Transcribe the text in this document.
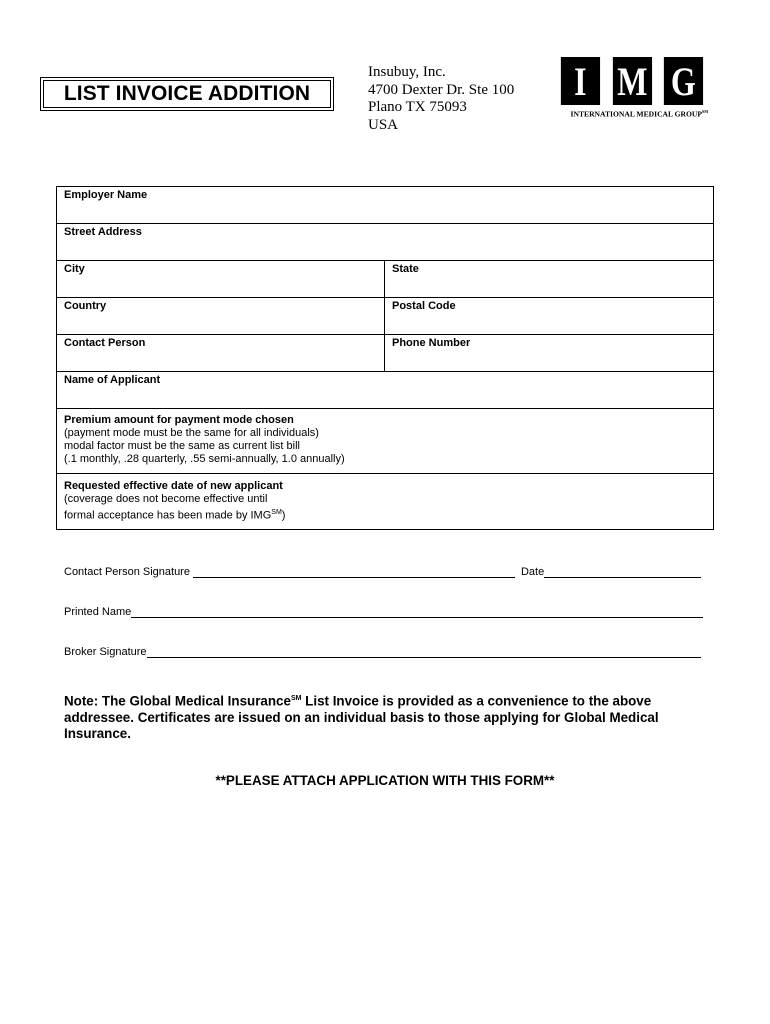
LIST INVOICE ADDITION
Insubuy, Inc.
4700 Dexter Dr. Ste 100
Plano TX 75093
USA
I M G
INTERNATIONAL MEDICAL GROUP℠
Employer Name
Street Address
City	State
Country	Postal Code
Contact Person	Phone Number
Name of Applicant
Premium amount for payment mode chosen
(payment mode must be the same for all individuals)
modal factor must be the same as current list bill
(.1 monthly, .28 quarterly, .55 semi-annually, 1.0 annually)
Requested effective date of new applicant
(coverage does not become effective until
formal acceptance has been made by IMG℠)
Contact Person Signature	Date
Printed Name
Broker Signature
Note: The Global Medical Insurance℠ List Invoice is provided as a convenience to the above addressee. Certificates are issued on an individual basis to those applying for Global Medical Insurance.
**PLEASE ATTACH APPLICATION WITH THIS FORM**
